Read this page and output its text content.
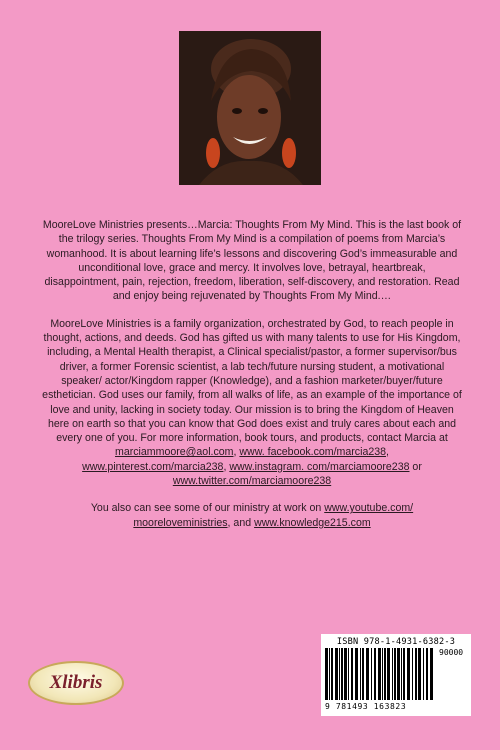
MooreLove Ministries presents…Marcia: Thoughts From My Mind. This is the last book of the trilogy series. Thoughts From My Mind is a compilation of poems from Marcia’s womanhood. It is about learning life’s lessons and discovering God’s immeasurable and unconditional love, grace and mercy. It involves love, betrayal, heartbreak, disappointment, pain, rejection, freedom, liberation, self-discovery, and restoration. Read and enjoy being rejuvenated by Thoughts From My Mind.…

MooreLove Ministries is a family organization, orchestrated by God, to reach people in thought, actions, and deeds. God has gifted us with many talents to use for His Kingdom, including, a Mental Health therapist, a Clinical specialist/pastor, a former supervisor/bus driver, a former Forensic scientist, a lab tech/future nursing student, a motivational speaker/ actor/Kingdom rapper (Knowledge), and a fashion marketer/buyer/future esthetician. God uses our family, from all walks of life, as an example of the importance of love and unity, lacking in society today. Our mission is to bring the Kingdom of Heaven here on earth so that you can know that God does exist and truly cares about each and every one of you. For more information, book tours, and products, contact Marcia at marciammoore@aol.com, www. facebook.com/marcia238, www.pinterest.com/marcia238, www.instagram. com/marciamoore238 or www.twitter.com/marciamoore238

You also can see some of our ministry at work on www.youtube.com/ mooreloveministries, and www.knowledge215.com

ISBN 978-1-4931-6382-3
90000
9 781493 163823
Xlibris
